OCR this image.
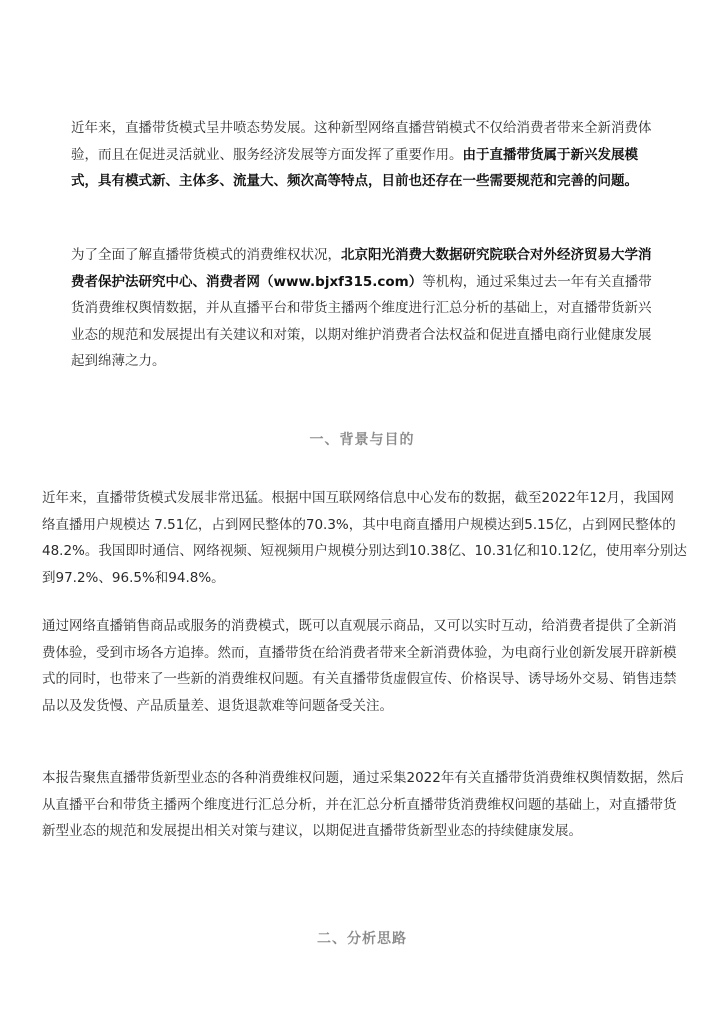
近年来，直播带货模式呈井喷态势发展。这种新型网络直播营销模式不仅给消费者带来全新消费体验，而且在促进灵活就业、服务经济发展等方面发挥了重要作用。由于直播带货属于新兴发展模式，具有模式新、主体多、流量大、频次高等特点，目前也还存在一些需要规范和完善的问题。

为了全面了解直播带货模式的消费维权状况，北京阳光消费大数据研究院联合对外经济贸易大学消费者保护法研究中心、消费者网（www.bjxf315.com）等机构，通过采集过去一年有关直播带货消费维权舆情数据，并从直播平台和带货主播两个维度进行汇总分析的基础上，对直播带货新兴业态的规范和发展提出有关建议和对策，以期对维护消费者合法权益和促进直播电商行业健康发展起到绵薄之力。

一、背景与目的

近年来，直播带货模式发展非常迅猛。根据中国互联网络信息中心发布的数据，截至2022年12月，我国网络直播用户规模达 7.51亿，占到网民整体的70.3%，其中电商直播用户规模达到5.15亿，占到网民整体的48.2%。我国即时通信、网络视频、短视频用户规模分别达到10.38亿、10.31亿和10.12亿，使用率分别达到97.2%、96.5%和94.8%。

通过网络直播销售商品或服务的消费模式，既可以直观展示商品，又可以实时互动，给消费者提供了全新消费体验，受到市场各方追捧。然而，直播带货在给消费者带来全新消费体验，为电商行业创新发展开辟新模式的同时，也带来了一些新的消费维权问题。有关直播带货虚假宣传、价格误导、诱导场外交易、销售违禁品以及发货慢、产品质量差、退货退款难等问题备受关注。

本报告聚焦直播带货新型业态的各种消费维权问题，通过采集2022年有关直播带货消费维权舆情数据，然后从直播平台和带货主播两个维度进行汇总分析，并在汇总分析直播带货消费维权问题的基础上，对直播带货新型业态的规范和发展提出相关对策与建议，以期促进直播带货新型业态的持续健康发展。

二、分析思路
